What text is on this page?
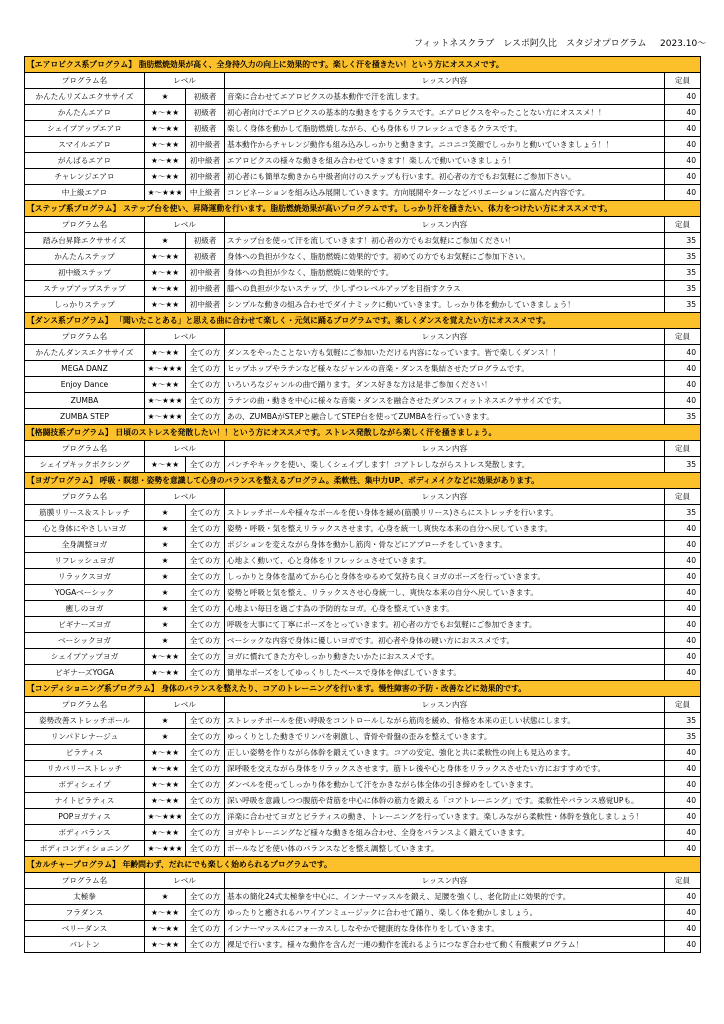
フィットネスクラブ　レスポ阿久比　スタジオプログラム 2023.10～
【エアロビクス系プログラム】 脂肪燃焼効果が高く、全身持久力の向上に効果的です。楽しく汗を掻きたい！という方にオススメです。				
プログラム名	レベル		レッスン内容	定員
かんたんリズムエクササイズ	★	初級者	音楽に合わせてエアロビクスの基本動作で汗を流します。	40
かんたんエアロ	★～★★	初級者	初心者向けでエアロビクスの基本的な動きをするクラスです。エアロビクスをやったことない方にオススメ！！	40
シェイプアップエアロ	★～★★	初級者	楽しく身体を動かして脂肪燃焼しながら、心も身体もリフレッシュできるクラスです。	40
スマイルエアロ	★～★★	初中級者	基本動作からチャレンジ動作も組み込みしっかりと動きます。ニコニコ笑顔でしっかりと動いていきましょう！！	40
がんばるエアロ	★～★★	初中級者	エアロビクスの様々な動きを組み合わせていきます！楽しんで動いていきましょう！	40
チャレンジエアロ	★～★★	初中級者	初心者にも簡単な動きから中級者向けのステップも行います。初心者の方でもお気軽にご参加下さい。	40
中上級エアロ	★～★★★	中上級者	コンビネーションを組み込み展開していきます。方向展開やターンなどバリエーションに富んだ内容です。	40
【ステップ系プログラム】 ステップ台を使い、昇降運動を行います。脂肪燃焼効果が高いプログラムです。しっかり汗を掻きたい、体力をつけたい方にオススメです。				
プログラム名	レベル		レッスン内容	定員
踏み台昇降エクササイズ	★	初級者	ステップ台を使って汗を流していきます！初心者の方でもお気軽にご参加ください！	35
かんたんステップ	★～★★	初級者	身体への負担が少なく、脂肪燃焼に効果的です。初めての方でもお気軽にご参加下さい。	35
初中級ステップ	★～★★	初中級者	身体への負担が少なく、脂肪燃焼に効果的です。	35
ステップアップステップ	★～★★	初中級者	膝への負担が少ないステップ、少しずつレベルアップを目指すクラス	35
しっかりステップ	★～★★	初中級者	シンプルな動きの組み合わせでダイナミックに動いていきます。しっかり体を動かしていきましょう！	35
【ダンス系プログラム】 「聞いたことある」と思える曲に合わせて楽しく・元気に踊るプログラムです。楽しくダンスを覚えたい方にオススメです。				
プログラム名	レベル		レッスン内容	定員
かんたんダンスエクササイズ	★～★★	全ての方	ダンスをやったことない方も気軽にご参加いただける内容になっています。皆で楽しくダンス！！	40
MEGA DANZ	★～★★★	全ての方	ヒップホップやラテンなど様々なジャンルの音楽・ダンスを集結させたプログラムです。	40
Enjoy Dance	★～★★	全ての方	いろいろなジャンルの曲で踊ります。ダンス好きな方は是非ご参加ください！	40
ZUMBA	★～★★★	全ての方	ラテンの曲・動きを中心に様々な音楽・ダンスを融合させたダンスフィットネスエクササイズです。	40
ZUMBA STEP	★～★★★	全ての方	あの、ZUMBAがSTEPと融合してSTEP台を使ってZUMBAを行っていきます。	35
【格闘技系プログラム】 日頃のストレスを発散したい！！という方にオススメです。ストレス発散しながら楽しく汗を掻きましょう。				
プログラム名	レベル		レッスン内容	定員
シェイプキックボクシング	★～★★	全ての方	パンチやキックを使い、楽しくシェイプします！コアトレしながらストレス発散します。	35
【ヨガプログラム】 呼吸・瞑想・姿勢を意識して心身のバランスを整えるプログラム。柔軟性、集中力UP、ボディメイクなどに効果があります。				
プログラム名	レベル		レッスン内容	定員
筋膜リリース＆ストレッチ	★	全ての方	ストレッチポールや様々なボールを使い身体を緩め(筋膜リリース)さらにストレッチを行います。	35
心と身体にやさしいヨガ	★	全ての方	姿勢・呼吸・気を整えリラックスさせます。心身を統一し爽快な本来の自分へ戻していきます。	40
全身調整ヨガ	★	全ての方	ポジションを変えながら身体を動かし筋肉・骨などにアプローチをしていきます。	40
リフレッシュヨガ	★	全ての方	心地よく動いて、心と身体をリフレッシュさせていきます。	40
リラックスヨガ	★	全ての方	しっかりと身体を温めてから心と身体をゆるめて気持ち良くヨガのポーズを行っていきます。	40
YOGAベーシック	★	全ての方	姿勢と呼吸と気を整え、リラックスさせ心身統一し、爽快な本来の自分へ戻していきます。	40
癒しのヨガ	★	全ての方	心地よい毎日を過ごす為の予防的なヨガ。心身を整えていきます。	40
ビギナーズヨガ	★	全ての方	呼吸を大事にて丁寧にポーズをとっていきます。初心者の方でもお気軽にご参加できます。	40
ベーシックヨガ	★	全ての方	ベーシックな内容で身体に優しいヨガです。初心者や身体の硬い方におススメです。	40
シェイプアップヨガ	★～★★	全ての方	ヨガに慣れてきた方やしっかり動きたいかたにおススメです。	40
ビギナーズYOGA	★～★★	全ての方	簡単なポーズをしてゆっくりしたペースで身体を伸ばしていきます。	40
【コンディショニング系プログラム】 身体のバランスを整えたり、コアのトレーニングを行います。慢性障害の予防・改善などに効果的です。				
プログラム名	レベル		レッスン内容	定員
姿勢改善ストレッチポール	★	全ての方	ストレッチポールを使い呼吸をコントロールしながら筋肉を緩め、骨格を本来の正しい状態にします。	35
リンパドレナージュ	★	全ての方	ゆっくりとした動きでリンパを刺激し、背骨や骨盤の歪みを整えていきます。	35
ピラティス	★～★★	全ての方	正しい姿勢を作りながら体幹を鍛えていきます。コアの安定、強化と共に柔軟性の向上も見込めます。	40
リカバリーストレッチ	★～★★	全ての方	深呼吸を交えながら身体をリラックスさせます。筋トレ後や心と身体をリラックスさせたい方におすすめです。	40
ボディシェイプ	★～★★	全ての方	ダンベルを使ってしっかり体を動かして汗をかきながら体全体の引き締めをしていきます。	40
ナイトピラティス	★～★★	全ての方	深い呼吸を意識しつつ腹筋や背筋を中心に体幹の筋力を鍛える「コアトレーニング」です。柔軟性やバランス感覚UPも。	40
POPヨガティス	★～★★★	全ての方	洋楽に合わせてヨガとピラティスの動き、トレーニングを行っていきます。楽しみながら柔軟性・体幹を強化しましょう！	40
ボディバランス	★～★★	全ての方	ヨガやトレーニングなど様々な動きを組み合わせ、全身をバランスよく鍛えていきます。	40
ボディコンディショニング	★～★★★	全ての方	ボールなどを使い体のバランスなどを整え調整していきます。	40
【カルチャープログラム】 年齢問わず、だれにでも楽しく始められるプログラムです。				
プログラム名	レベル		レッスン内容	定員
太極拳	★	全ての方	基本の簡化24式太極拳を中心に、インナーマッスルを鍛え、足腰を強くし、老化防止に効果的です。	40
フラダンス	★～★★	全ての方	ゆったりと癒されるハワイアンミュージックに合わせて踊り、楽しく体を動かしましょう。	40
ベリーダンス	★～★★	全ての方	インナーマッスルにフォーカスししなやかで健康的な身体作りをしていきます。	40
バレトン	★～★★	全ての方	裸足で行います。様々な動作を含んだ一連の動作を流れるようにつなぎ合わせて動く有酸素プログラム！	40
